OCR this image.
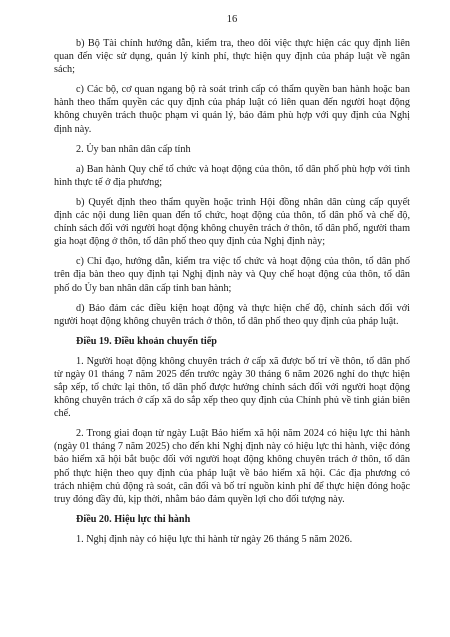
16

b) Bộ Tài chính hướng dẫn, kiểm tra, theo dõi việc thực hiện các quy định liên quan đến việc sử dụng, quản lý kinh phí, thực hiện quy định của pháp luật về ngân sách;

c) Các bộ, cơ quan ngang bộ rà soát trình cấp có thẩm quyền ban hành hoặc ban hành theo thẩm quyền các quy định của pháp luật có liên quan đến người hoạt động không chuyên trách thuộc phạm vi quản lý, bảo đảm phù hợp với quy định của Nghị định này.

2. Ủy ban nhân dân cấp tỉnh

a) Ban hành Quy chế tổ chức và hoạt động của thôn, tổ dân phố phù hợp với tình hình thực tế ở địa phương;

b) Quyết định theo thẩm quyền hoặc trình Hội đồng nhân dân cùng cấp quyết định các nội dung liên quan đến tổ chức, hoạt động của thôn, tổ dân phố và chế độ, chính sách đối với người hoạt động không chuyên trách ở thôn, tổ dân phố, người tham gia hoạt động ở thôn, tổ dân phố theo quy định của Nghị định này;

c) Chỉ đạo, hướng dẫn, kiểm tra việc tổ chức và hoạt động của thôn, tổ dân phố trên địa bàn theo quy định tại Nghị định này và Quy chế hoạt động của thôn, tổ dân phố do Ủy ban nhân dân cấp tỉnh ban hành;

d) Bảo đảm các điều kiện hoạt động và thực hiện chế độ, chính sách đối với người hoạt động không chuyên trách ở thôn, tổ dân phố theo quy định của pháp luật.

Điều 19. Điều khoản chuyển tiếp

1. Người hoạt động không chuyên trách ở cấp xã được bố trí về thôn, tổ dân phố từ ngày 01 tháng 7 năm 2025 đến trước ngày 30 tháng 6 năm 2026 nghỉ do thực hiện sắp xếp, tổ chức lại thôn, tổ dân phố được hưởng chính sách đối với người hoạt động không chuyên trách ở cấp xã do sắp xếp theo quy định của Chính phủ về tinh giản biên chế.

2. Trong giai đoạn từ ngày Luật Bảo hiểm xã hội năm 2024 có hiệu lực thi hành (ngày 01 tháng 7 năm 2025) cho đến khi Nghị định này có hiệu lực thi hành, việc đóng bảo hiểm xã hội bắt buộc đối với người hoạt động không chuyên trách ở thôn, tổ dân phố thực hiện theo quy định của pháp luật về bảo hiểm xã hội. Các địa phương có trách nhiệm chủ động rà soát, cân đối và bố trí nguồn kinh phí để thực hiện đóng hoặc truy đóng đầy đủ, kịp thời, nhằm bảo đảm quyền lợi cho đối tượng này.

Điều 20. Hiệu lực thi hành

1. Nghị định này có hiệu lực thi hành từ ngày 26 tháng 5 năm 2026.
